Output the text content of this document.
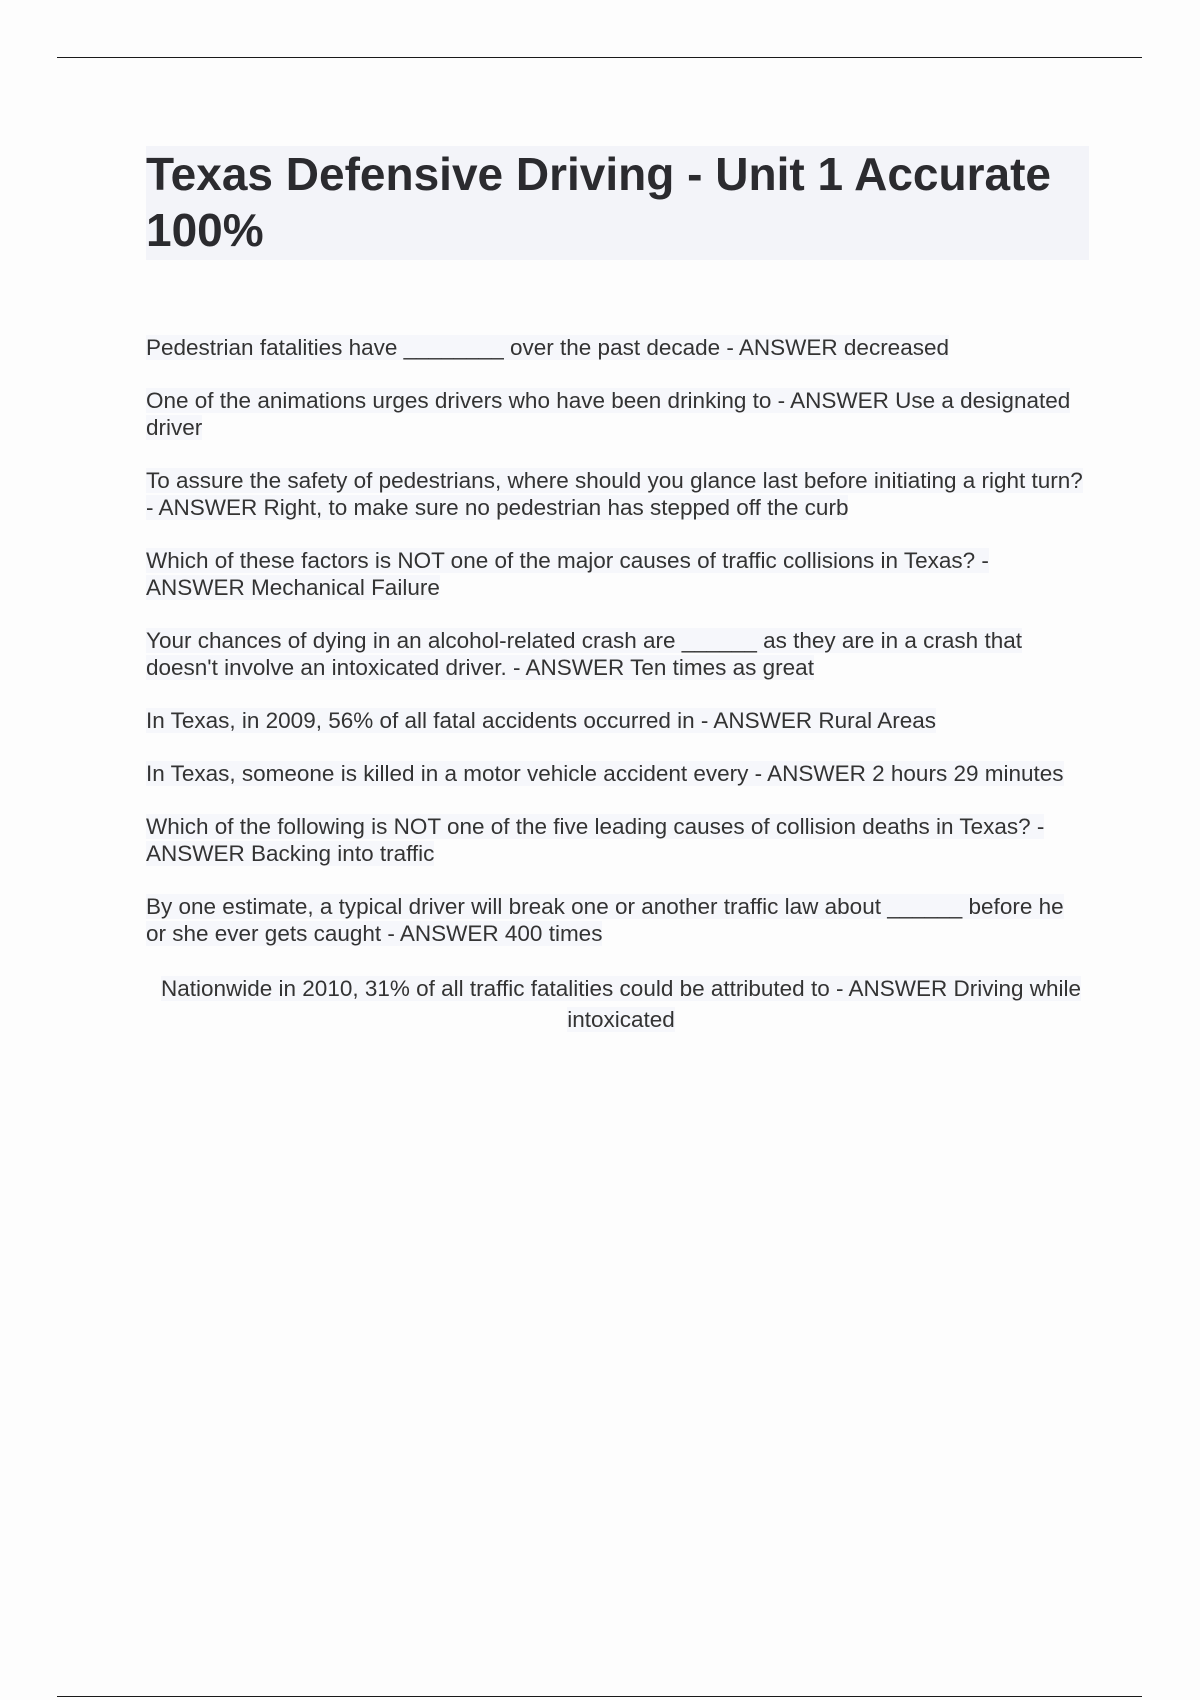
Texas Defensive Driving - Unit 1 Accurate 100%
Pedestrian fatalities have ________ over the past decade - ANSWER decreased
One of the animations urges drivers who have been drinking to - ANSWER Use a designated driver
To assure the safety of pedestrians, where should you glance last before initiating a right turn? - ANSWER Right, to make sure no pedestrian has stepped off the curb
Which of these factors is NOT one of the major causes of traffic collisions in Texas? - ANSWER Mechanical Failure
Your chances of dying in an alcohol-related crash are ______ as they are in a crash that doesn't involve an intoxicated driver. - ANSWER Ten times as great
In Texas, in 2009, 56% of all fatal accidents occurred in - ANSWER Rural Areas
In Texas, someone is killed in a motor vehicle accident every - ANSWER 2 hours 29 minutes
Which of the following is NOT one of the five leading causes of collision deaths in Texas? - ANSWER Backing into traffic
By one estimate, a typical driver will break one or another traffic law about ______ before he or she ever gets caught - ANSWER 400 times
Nationwide in 2010, 31% of all traffic fatalities could be attributed to - ANSWER Driving while intoxicated
